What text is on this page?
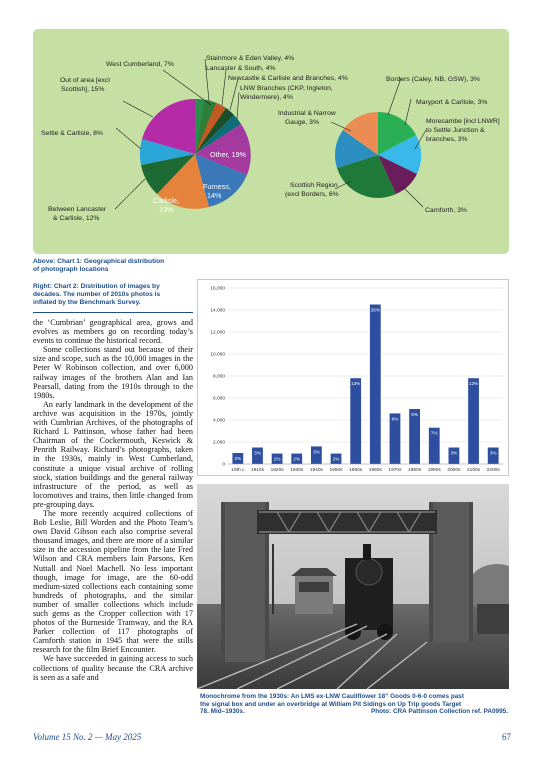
Other, 19%
Furness,
14%
Carlisle,
13%
West Cumberland, 7%
Stainmore & Eden Valley, 4%
Lancaster & South, 4%
Newcastle & Carlisle and Branches, 4%
LNW Branches (CKP, Ingleton,
Windermere), 4%
Out of area [excl
Scottish], 15%
Settle & Carlisle, 8%
Between Lancaster
& Carlisle, 12%
Borders (Caley, NB, GSW), 3%
Maryport & Carlisle, 3%
Morecambe [incl LNWR]
to Settle Junction &
branches, 3%
Industrial & Narrow
Gauge, 3%
Scottish Region
(excl Borders, 6%
Carnforth, 3%
Above: Chart 1: Geographical distribution
of photograph locations
Right: Chart 2: Distribution of images by
decades. The number of 2010s photos is
inflated by the Benchmark Survey.

the ‘Cumbrian’ geographical area, grows and evolves as members go on recording today’s events to continue the historical record.

Some collections stand out because of their size and scope, such as the 10,000 images in the Peter W Robinson collection, and over 6,000 railway images of the brothers Alan and Ian Pearsall, dating from the 1910s through to the 1980s.

An early landmark in the development of the archive was acquisition in the 1970s, jointly with Cumbrian Archives, of the photographs of Richard L Pattinson, whose father had been Chairman of the Cockermouth, Keswick & Penrith Railway. Richard’s photographs, taken in the 1930s, mainly in West Cumberland, constitute a unique visual archive of rolling stock, station buildings and the general railway infrastructure of the period, as well as locomotives and trains, then little changed from pre-grouping days.

The more recently acquired collections of Bob Leslie, Bill Worden and the Photo Team’s own David Gibson each also comprise several thousand images, and there are more of a similar size in the accession pipeline from the late Fred Wilson and CRA members Iain Parsons, Ken Nuttall and Noel Machell. No less important though, image for image, are the 60-odd medium-sized collections each containing some hundreds of photographs, and the similar number of smaller collections which include such gems as the Cropper collection with 17 photos of the Burneside Tramway, and the RA Parker collection of 117 photographs of Carnforth station in 1945 that were the stills research for the film Brief Encounter.

We have succeeded in gaining access to such collections of quality because the CRA archive is seen as a safe and

0
2,000
4,000
6,000
8,000
10,000
12,000
14,000
16,000
2%
19th c
3%
1910s
2%
1920s
2%
1930s
3%
1940s
2%
1950s
13%
1950s
26%
1960s
8%
1970s
9%
1980s
7%
1990s
3%
2000s
13%
2100s
3%
2200s
Monochrome from the 1930s: An LMS ex-LNW Cauliflower 18” Goods 0-6-0 comes past
the signal box and under an overbridge at William Pit Sidings on Up Trip goods Target
78. Mid–1930s.	Photo: CRA Pattinson Collection ref. PA0995.
Volume 15 No. 2 — May 2025	67
